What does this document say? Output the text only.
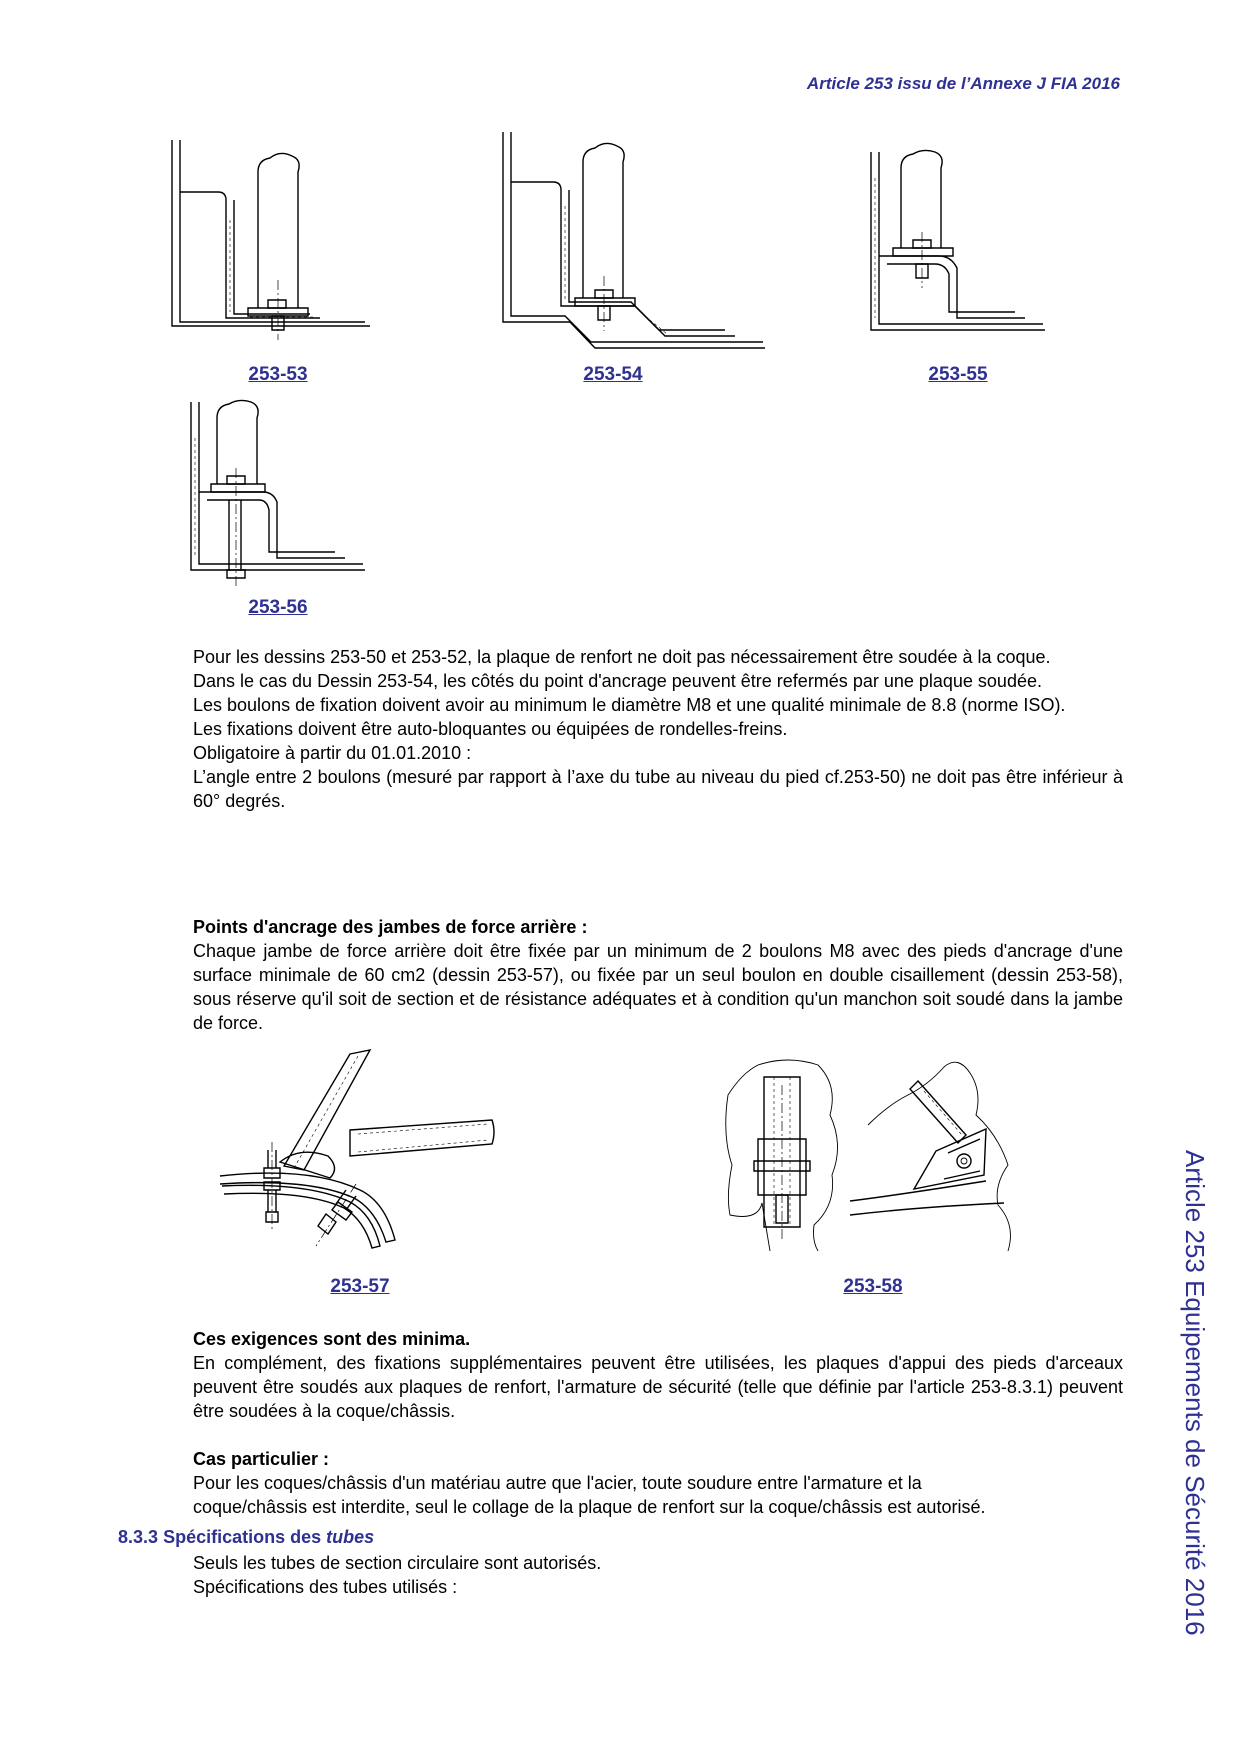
Article 253 issu de l’Annexe J FIA 2016
253-53	253-54	253-55
253-56

Pour les dessins 253-50 et 253-52, la plaque de renfort ne doit pas nécessairement être soudée à la coque.

Dans le cas du Dessin 253-54, les côtés du point d'ancrage peuvent être refermés par une plaque soudée.

Les boulons de fixation doivent avoir au minimum le diamètre M8 et une qualité minimale de 8.8 (norme ISO).

Les fixations doivent être auto-bloquantes ou équipées de rondelles-freins.

Obligatoire à partir du 01.01.2010 :

L’angle entre 2 boulons (mesuré par rapport à l’axe du tube au niveau du pied cf.253-50) ne doit pas être inférieur à 60° degrés.

Points d'ancrage des jambes de force arrière :

Chaque jambe de force arrière doit être fixée par un minimum de 2 boulons M8 avec des pieds d'ancrage d'une surface minimale de 60 cm2 (dessin 253-57), ou fixée par un seul boulon en double cisaillement (dessin 253-58), sous réserve qu'il soit de section et de résistance adéquates et à condition qu'un manchon soit soudé dans la jambe de force.

253-57	253-58

Ces exigences sont des minima.

En complément, des fixations supplémentaires peuvent être utilisées, les plaques d'appui des pieds d'arceaux peuvent être soudés aux plaques de renfort, l'armature de sécurité (telle que définie par l'article 253-8.3.1) peuvent être soudées à la coque/châssis.

Cas particulier :

Pour les coques/châssis d'un matériau autre que l'acier, toute soudure entre l'armature et la

coque/châssis est interdite, seul le collage de la plaque de renfort sur la coque/châssis est autorisé.

8.3.3 Spécifications des tubes

Seuls les tubes de section circulaire sont autorisés.

Spécifications des tubes utilisés :	Article 253 Equipements de Sécurité 2016
